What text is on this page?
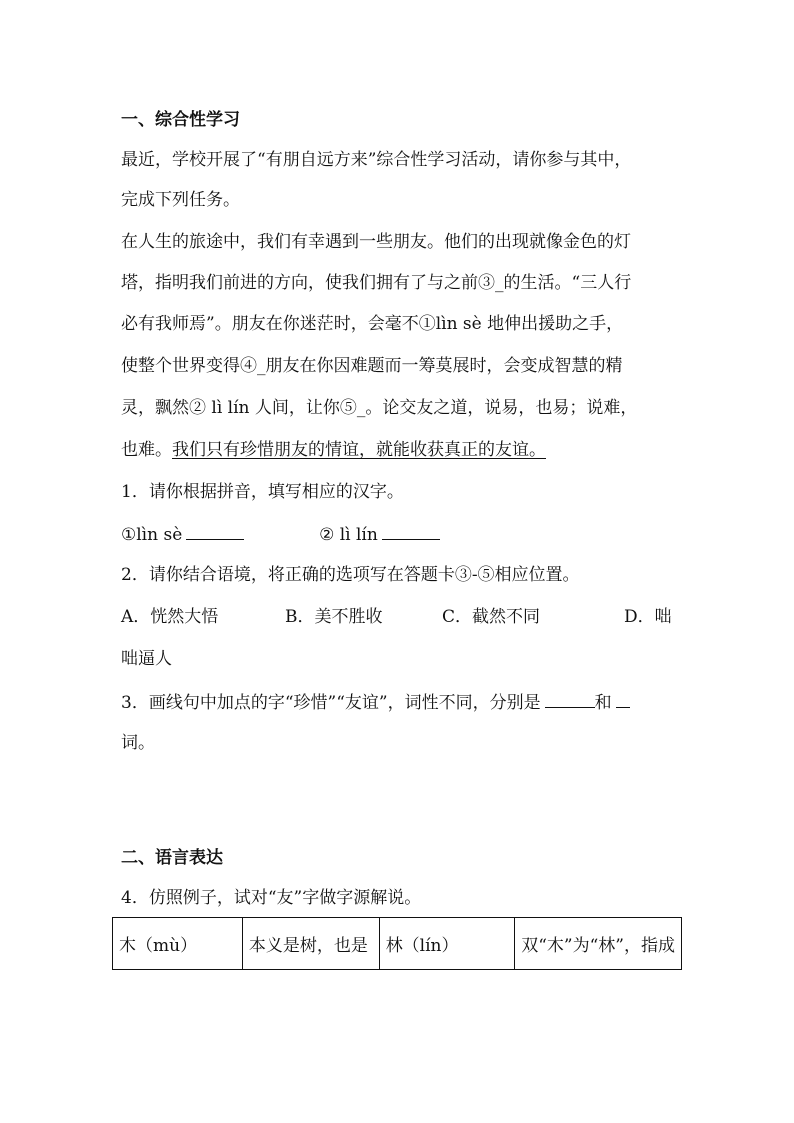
一、综合性学习
最近，学校开展了“有朋自远方来”综合性学习活动，请你参与其中，
完成下列任务。
在人生的旅途中，我们有幸遇到一些朋友。他们的出现就像金色的灯
塔，指明我们前进的方向，使我们拥有了与之前③_的生活。“三人行
必有我师焉”。朋友在你迷茫时，会毫不①lìn sè 地伸出援助之手，
使整个世界变得④_朋友在你因难题而一筹莫展时，会变成智慧的精
灵，飘然② lì lín 人间，让你⑤_。论交友之道，说易，也易；说难，
也难。我们只有珍惜朋友的情谊，就能收获真正的友谊。
1．请你根据拼音，填写相应的汉字。
①lìn sè	② lì lín
2．请你结合语境，将正确的选项写在答题卡③-⑤相应位置。
A．恍然大悟	B．美不胜收	C．截然不同	D．咄
咄逼人
3．画线句中加点的字“珍惜”“友谊”，词性不同，分别是	和
词。
二、语言表达
4．仿照例子，试对“友”字做字源解说。
木（mù）	本义是树，也是	林（lín）	双“木”为“林”，指成
